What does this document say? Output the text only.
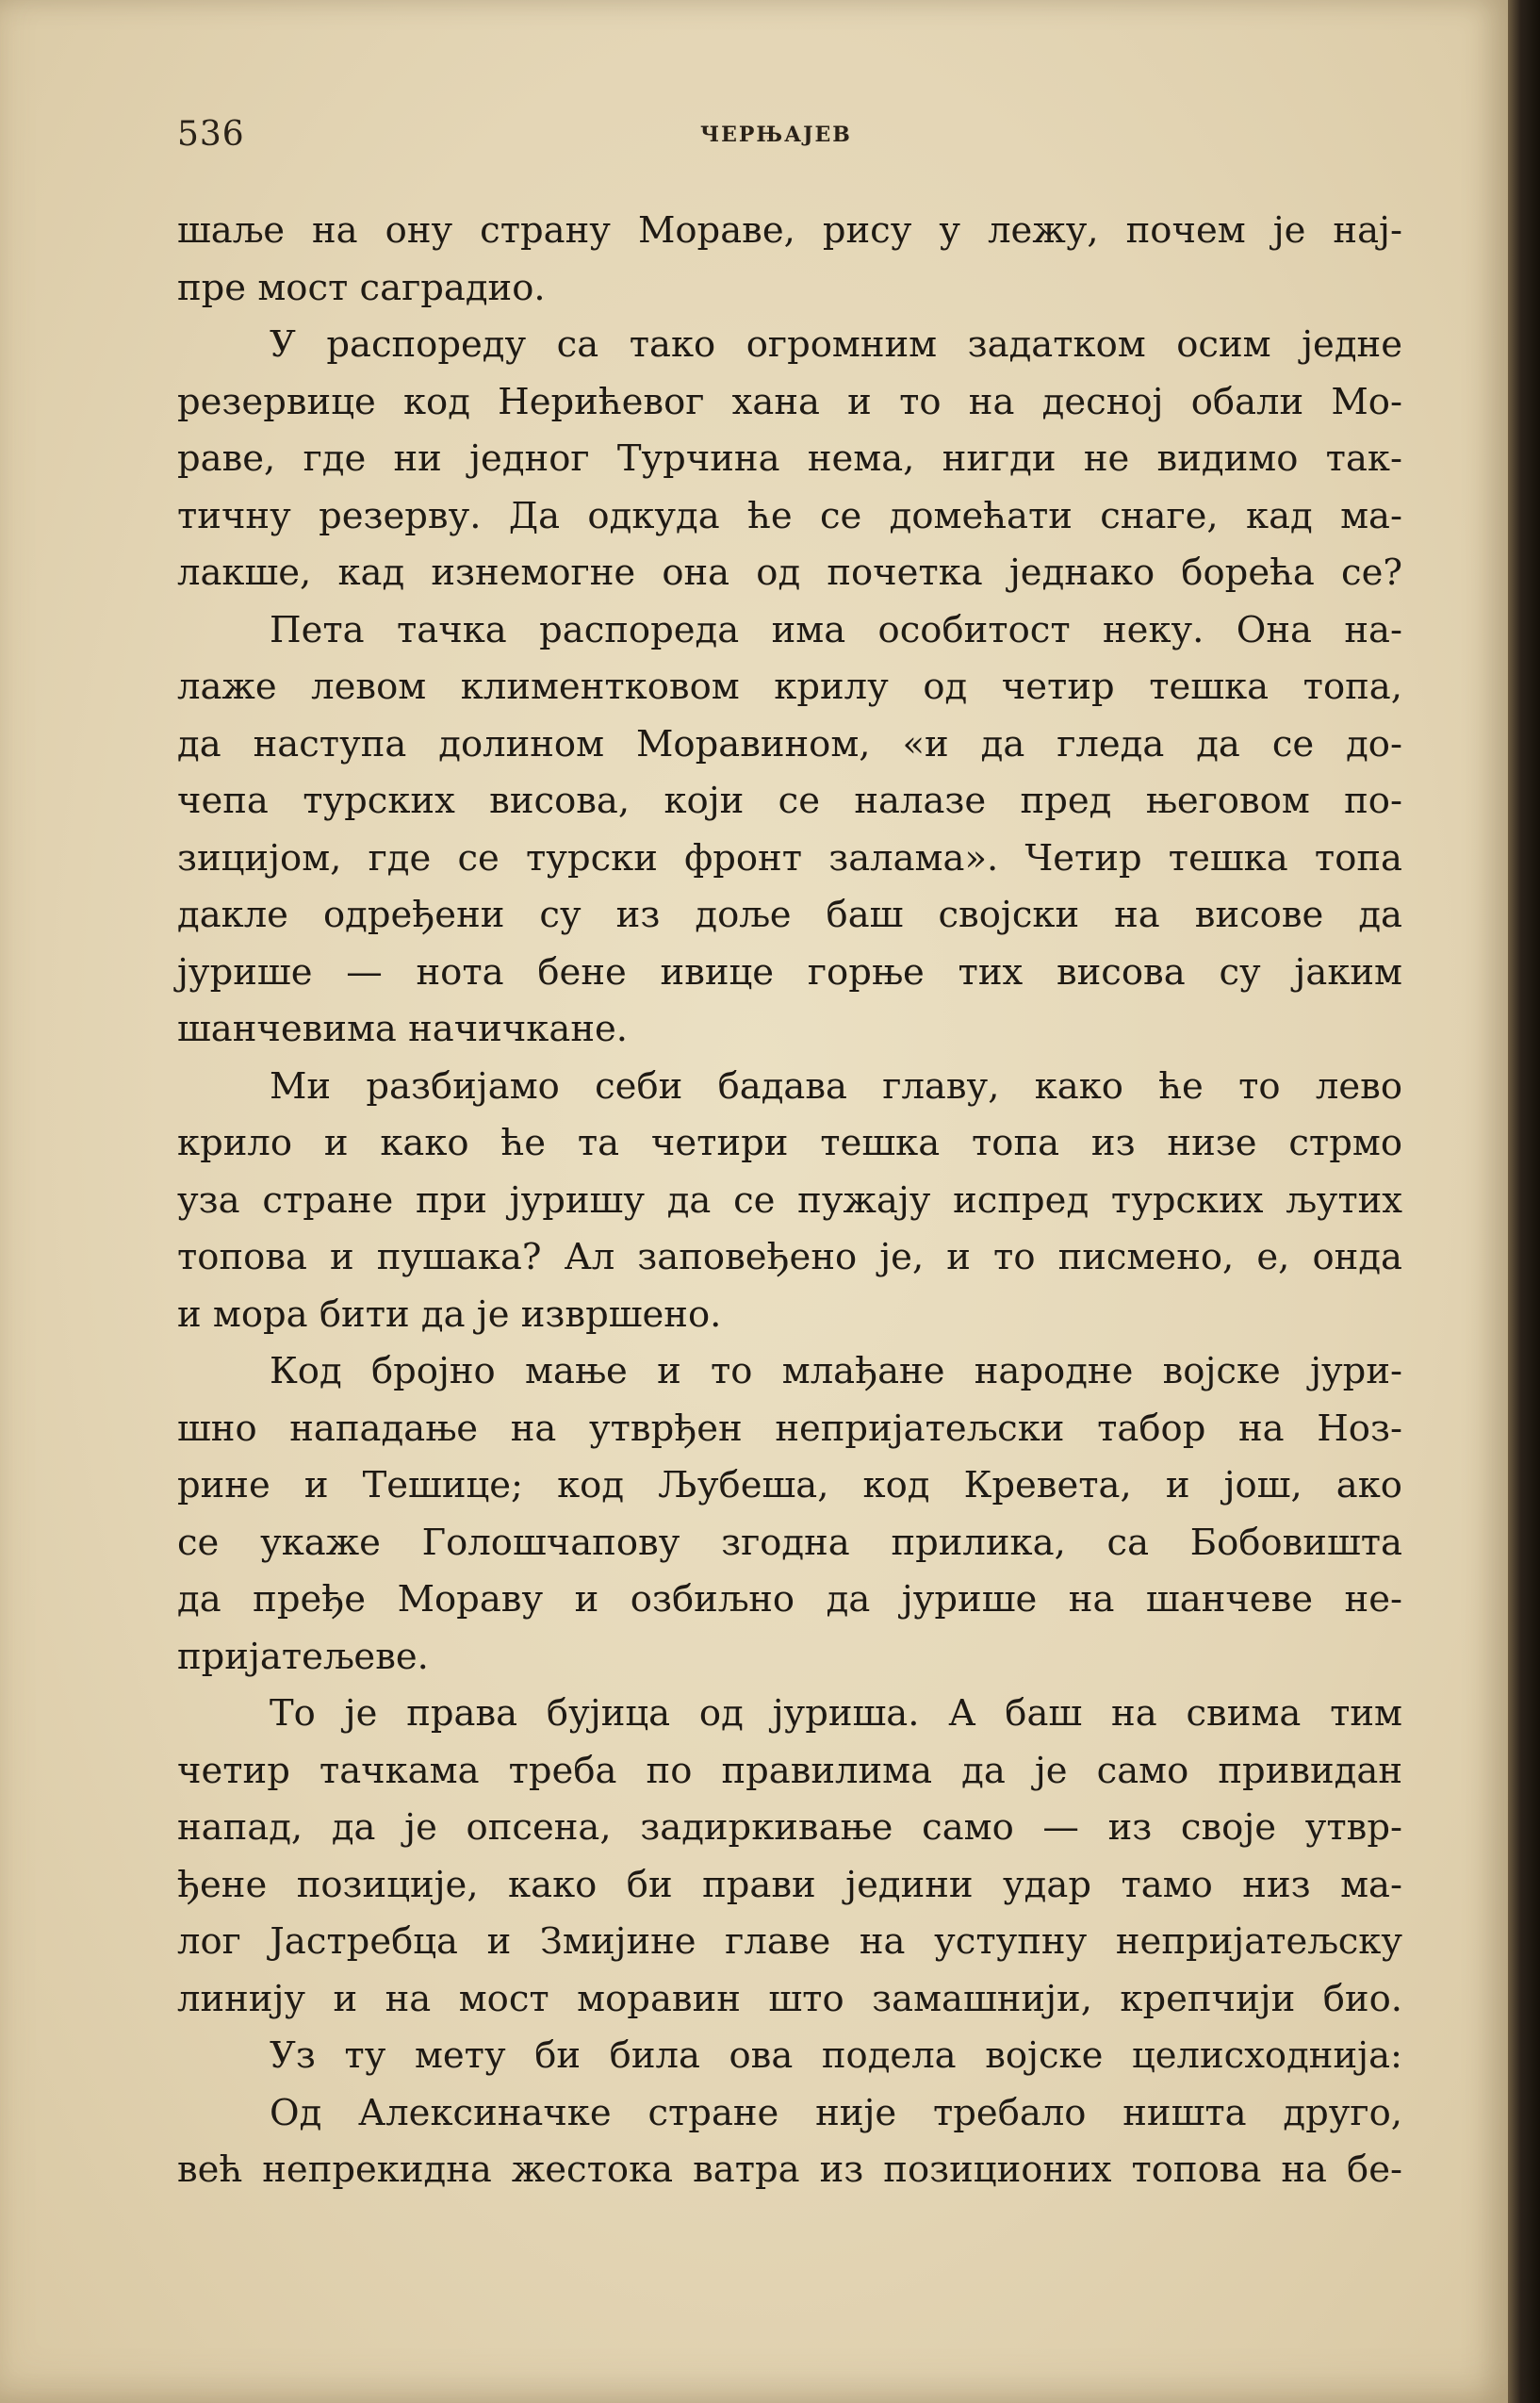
536	ЧЕРЊАЈЕВ
шаље на ону страну Мораве, рису у лежу, почем је нај-
пре мост саградио.
У распореду са тако огромним задатком осим једне
резервице код Нерићевог хана и то на десној обали Мо-
раве, где ни једног Турчина нема, нигди не видимо так-
тичну резерву. Да одкуда ће се домећати снаге, кад ма-
лакше, кад изнемогне она од почетка једнако борећа се?
Пета тачка распореда има особитост неку. Она на-
лаже левом климентковом крилу од четир тешка топа,
да наступа долином Моравином, «и да гледа да се до-
чепа турских висова, који се налазе пред његовом по-
зицијом, где се турски фронт залама». Четир тешка топа
дакле одређени су из доље баш својски на висове да
јурише — нота бене ивице горње тих висова су јаким
шанчевима начичкане.
Ми разбијамо себи бадава главу, како ће то лево
крило и како ће та четири тешка топа из низе стрмо
уза стране при јуришу да се пужају испред турских љутих
топова и пушака? Ал заповеђено је, и то писмено, е, онда
и мора бити да је извршено.
Код бројно мање и то млађане народне војске јури-
шно нападање на утврђен непријатељски табор на Ноз-
рине и Тешице; код Љубеша, код Кревета, и још, ако
се укаже Голошчапову згодна прилика, са Бобовишта
да пређе Мораву и озбиљно да јурише на шанчеве не-
пријатељеве.
То је права бујица од јуриша. А баш на свима тим
четир тачкама треба по правилима да је само привидан
напад, да је опсена, задиркивање само — из своје утвр-
ђене позиције, како би прави једини удар тамо низ ма-
лог Јастребца и Змијине главе на уступну непријатељску
линију и на мост моравин што замашнији, крепчији био.
Уз ту мету би била ова подела војске целисходнија:
Од Алексиначке стране није требало ништа друго,
већ непрекидна жестока ватра из позиционих топова на бе-
